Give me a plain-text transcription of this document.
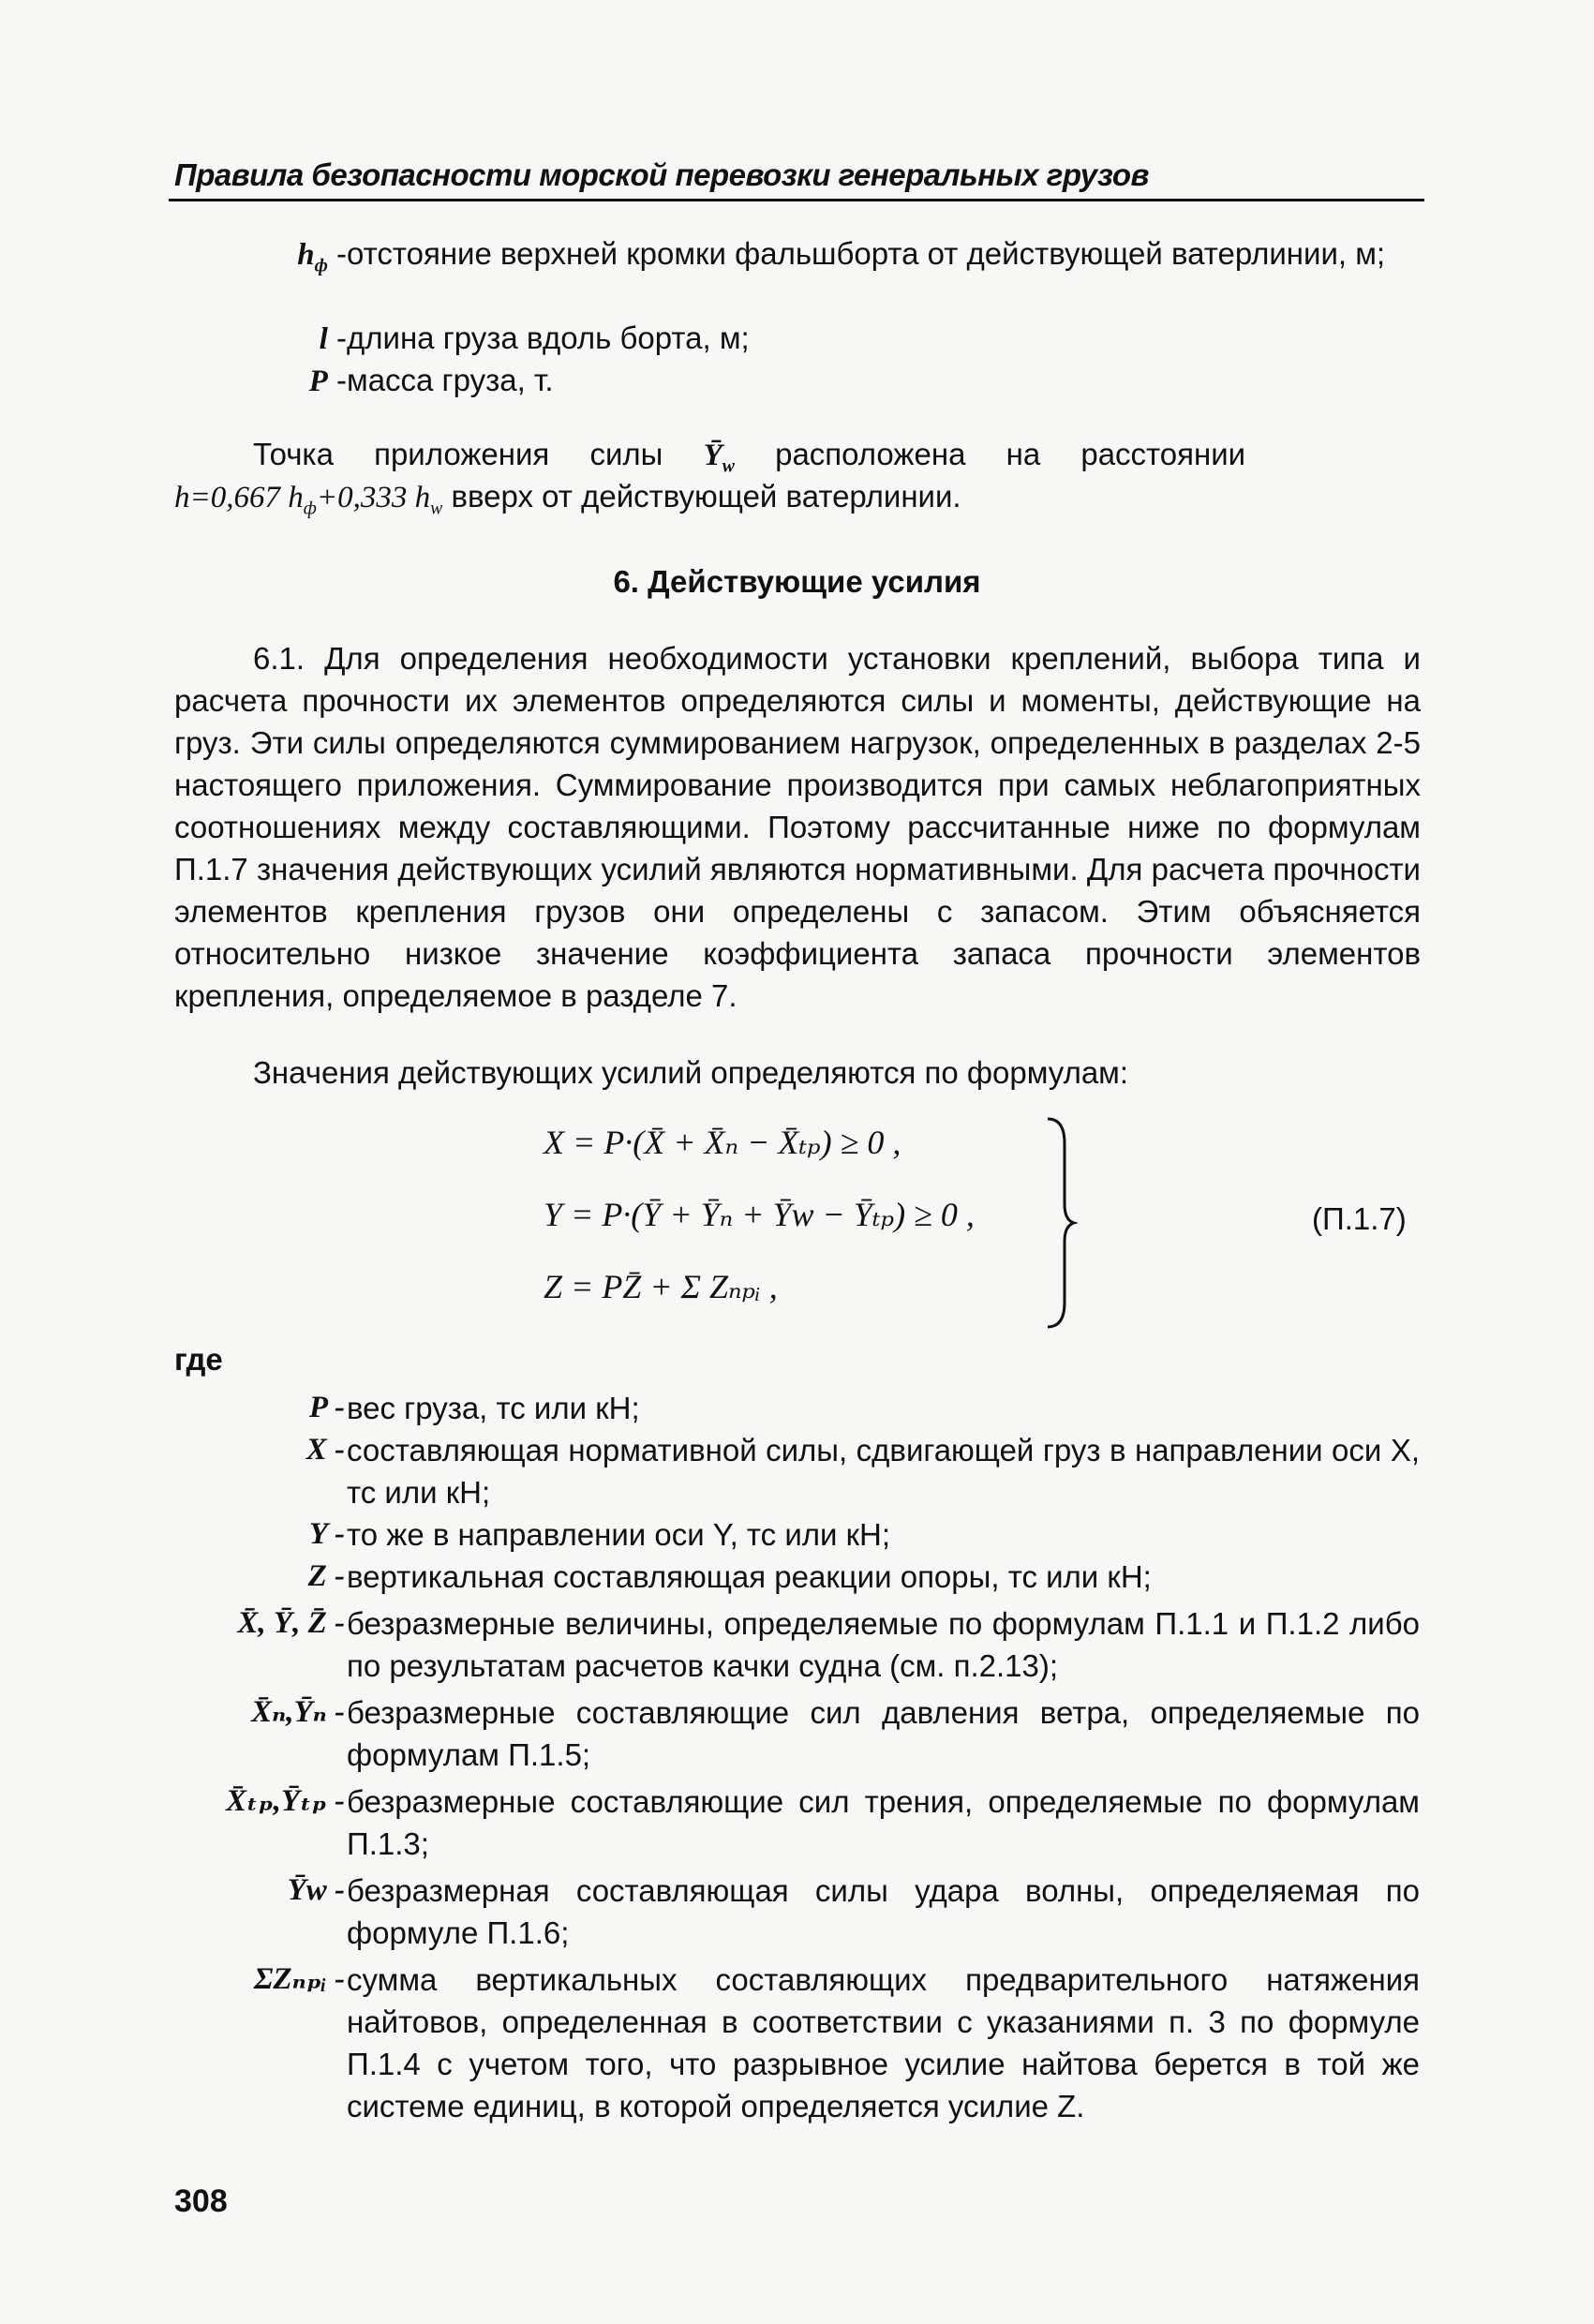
Правила безопасности морской перевозки генеральных грузов
$h_ф$ - отстояние верхней кромки фальшборта от действующей ватерлинии, м;
l - длина груза вдоль борта, м;
P - масса груза, т.
Точка приложения силы $Ȳ_w$ расположена на расстоянии
h=0,667 $h_ф+0,333$ $h_w$ вверх от действующей ватерлинии.
6. Действующие усилия
6.1. Для определения необходимости установки креплений, выбора типа и расчета прочности их элементов определяются силы и моменты, действующие на груз. Эти силы определяются суммированием нагрузок, определенных в разделах 2-5 настоящего приложения. Суммирование производится при самых неблагоприятных соотношениях между составляющими. Поэтому рассчитанные ниже по формулам П.1.7 значения действующих усилий являются нормативными. Для расчета прочности элементов крепления грузов они определены с запасом. Этим объясняется относительно низкое значение коэффициента запаса прочности элементов крепления, определяемое в разделе 7.
Значения действующих усилий определяются по формулам:
X = P·(X̄ + X̄ₙ − X̄ₜₚ) ≥ 0 ,
Y = P·(Ȳ + Ȳₙ + Ȳw − Ȳₜₚ) ≥ 0 ,
Z = PZ̄ + Σ Zₙₚᵢ ,
(П.1.7)
где
P - вес груза, тс или кН;
X - составляющая нормативной силы, сдвигающей груз в направлении оси X, тс или кН;
Y - то же в направлении оси Y, тс или кН;
Z - вертикальная составляющая реакции опоры, тс или кН;
X̄, Ȳ, Z̄ - безразмерные величины, определяемые по формулам П.1.1 и П.1.2 либо по результатам расчетов качки судна (см. п.2.13);
X̄ₙ,Ȳₙ - безразмерные составляющие сил давления ветра, определяемые по формулам П.1.5;
X̄ₜₚ,Ȳₜₚ - безразмерные составляющие сил трения, определяемые по формулам П.1.3;
Ȳw - безразмерная составляющая силы удара волны, определяемая по формуле П.1.6;
ΣZₙₚᵢ - сумма вертикальных составляющих предварительного натяжения найтовов, определенная в соответствии с указаниями п. 3 по формуле П.1.4 с учетом того, что разрывное усилие найтова берется в той же системе единиц, в которой определяется усилие Z.
308
